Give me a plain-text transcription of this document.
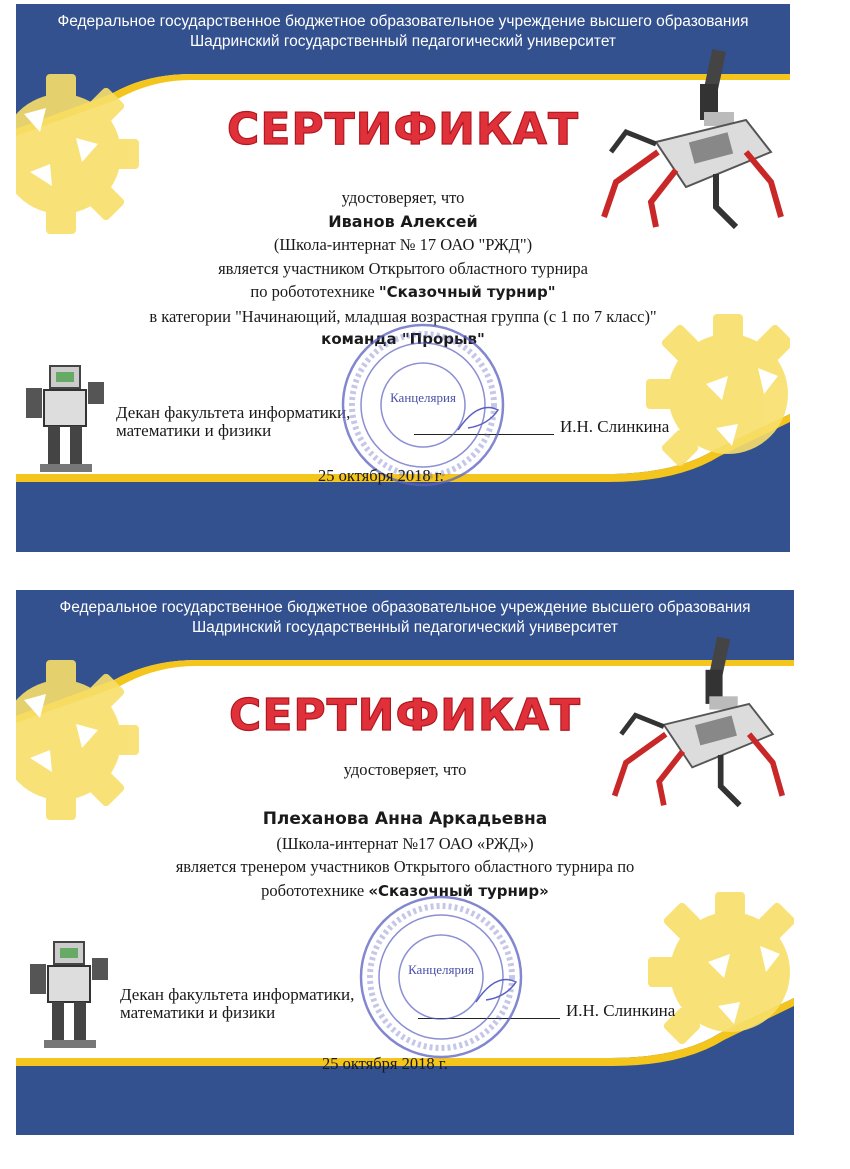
Федеральное государственное бюджетное образовательное учреждение высшего образования
Шадринский государственный педагогический университет
СЕРТИФИКАТ
удостоверяет, что
Иванов Алексей
(Школа-интернат № 17 ОАО "РЖД")
является участником Открытого областного турнира
по робототехнике "Сказочный турнир"
в категории "Начинающий, младшая возрастная группа (с 1 по 7 класс)"
команда "Прорыв"
Декан факультета информатики,
математики и физики	И.Н. Слинкина
Канцелярия
25 октября 2018 г.
Федеральное государственное бюджетное образовательное учреждение высшего образования
Шадринский государственный педагогический университет
СЕРТИФИКАТ
удостоверяет, что
Плеханова Анна Аркадьевна
(Школа-интернат №17 ОАО «РЖД»)
является тренером участников Открытого областного турнира по
робототехнике «Сказочный турнир»
Декан факультета информатики,
математики и физики	И.Н. Слинкина
Канцелярия
25 октября 2018 г.
